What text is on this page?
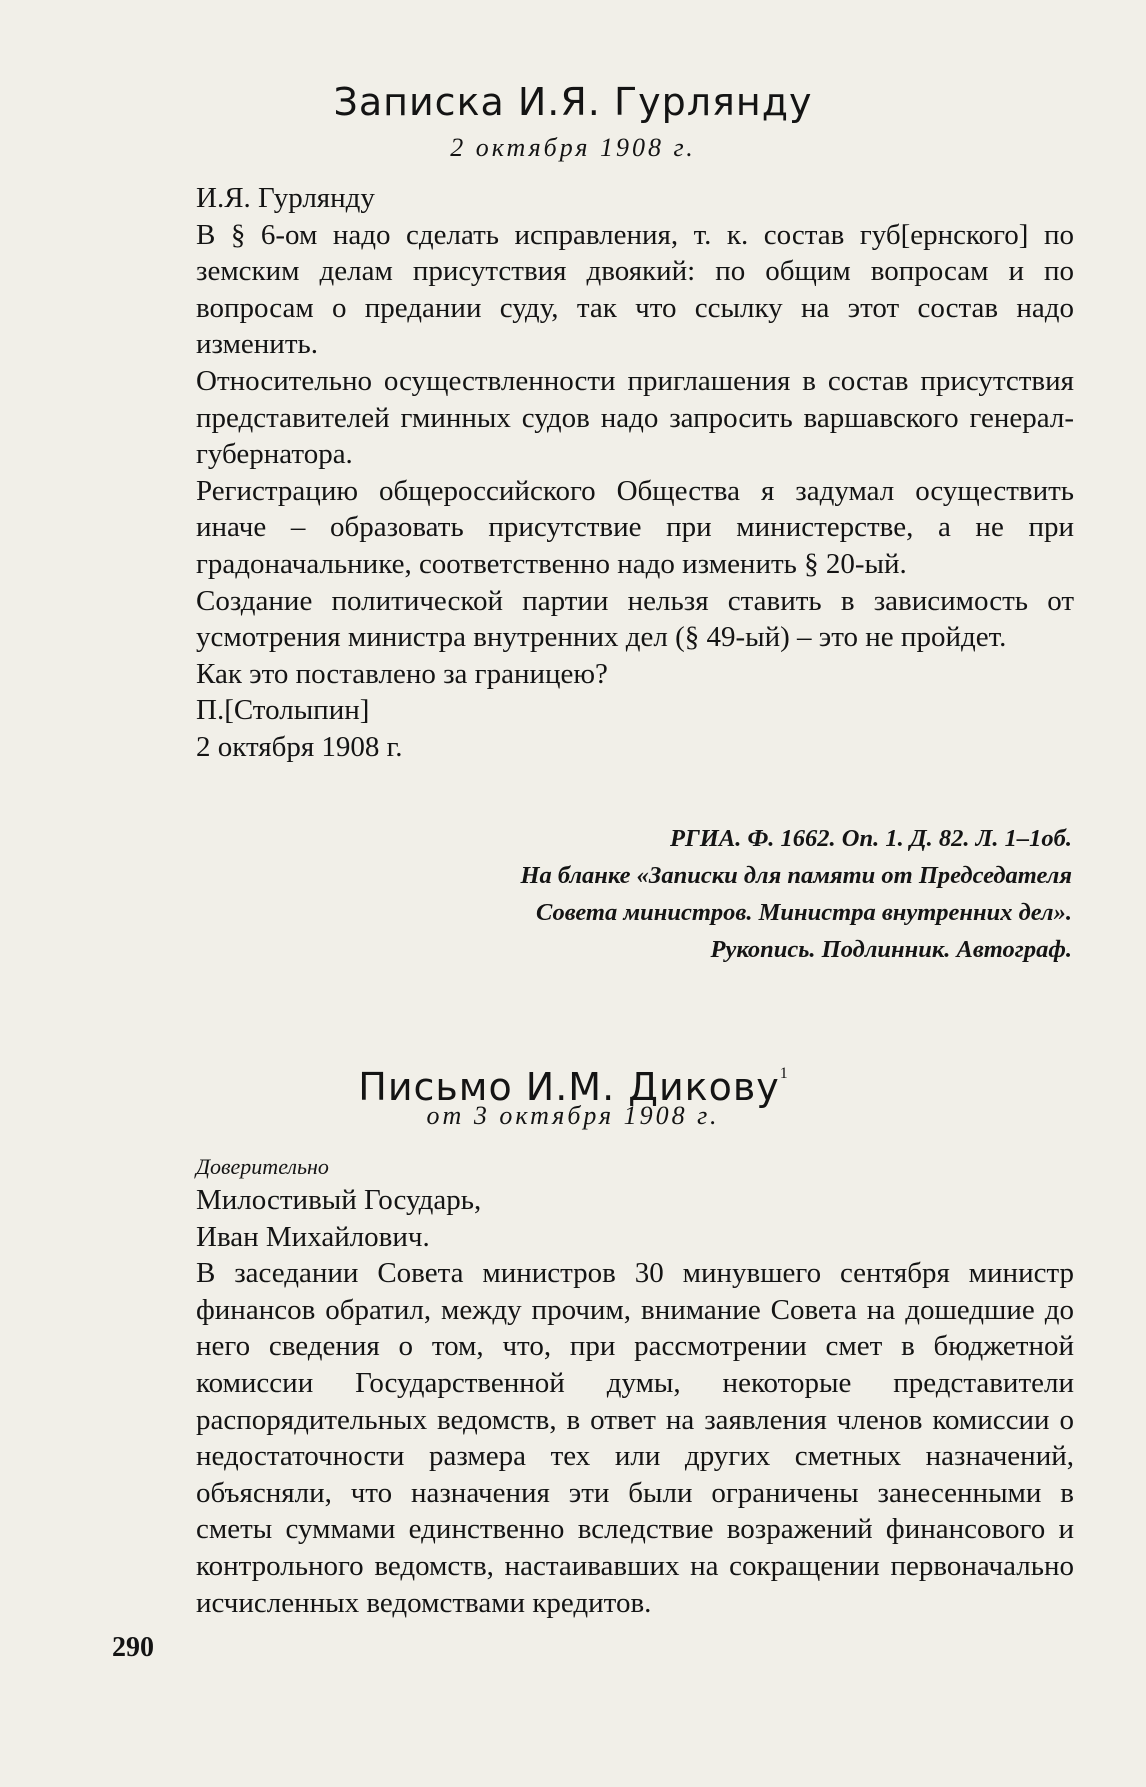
Записка И.Я. Гурлянду
2 октября 1908 г.

И.Я. Гурлянду

В § 6-ом надо сделать исправления, т. к. состав губ[ернского] по земским делам присутствия двоякий: по общим вопросам и по вопросам о предании суду, так что ссылку на этот состав надо изменить.

Относительно осуществленности приглашения в состав присутствия представителей гминных судов надо запросить варшавского генерал-губернатора.

Регистрацию общероссийского Общества я задумал осуществить иначе – образовать присутствие при министерстве, а не при градоначальнике, соответственно надо изменить § 20-ый.

Создание политической партии нельзя ставить в зависимость от усмотрения министра внутренних дел (§ 49-ый) – это не пройдет.

Как это поставлено за границею?

П.[Столыпин]

2 октября 1908 г.

РГИА. Ф. 1662. Оп. 1. Д. 82. Л. 1–1об.
На бланке «Записки для памяти от Председателя
Совета министров. Министра внутренних дел».
Рукопись. Подлинник. Автограф.
Письмо И.М. Дикову$^1$
от 3 октября 1908 г.

Доверительно

Милостивый Государь,

Иван Михайлович.

В заседании Совета министров 30 минувшего сентября министр финансов обратил, между прочим, внимание Совета на дошедшие до него сведения о том, что, при рассмотрении смет в бюджетной комиссии Государственной думы, некоторые представители распорядительных ведомств, в ответ на заявления членов комиссии о недостаточности размера тех или других сметных назначений, объясняли, что назначения эти были ограничены занесенными в сметы суммами единственно вследствие возражений финансового и контрольного ведомств, настаивавших на сокращении первоначально исчисленных ведомствами кредитов.

290
